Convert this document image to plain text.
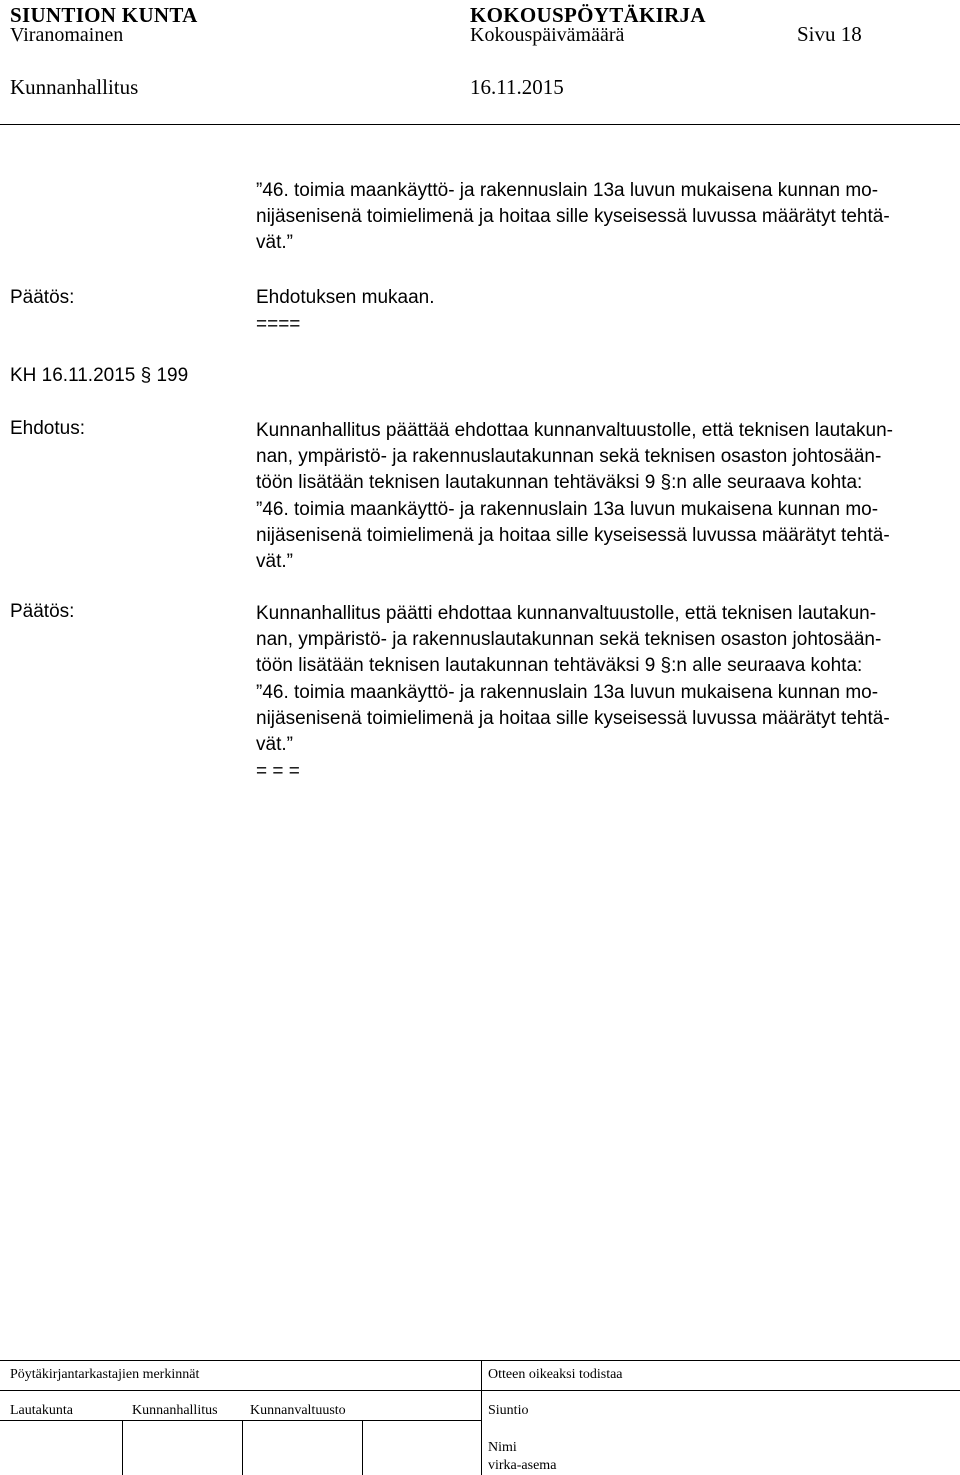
SIUNTION KUNTA	KOKOUSPÖYTÄKIRJA
Viranomainen	Kokouspäivämäärä	Sivu 18
Kunnanhallitus	16.11.2015
”46. toimia maankäyttö- ja rakennuslain 13a luvun mukaisena kunnan mo-
nijäsenisenä toimielimenä ja hoitaa sille kyseisessä luvussa määrätyt tehtä-
vät.”
Päätös:	Ehdotuksen mukaan.
====
KH 16.11.2015 § 199
Ehdotus:	Kunnanhallitus päättää ehdottaa kunnanvaltuustolle, että teknisen lautakun-
nan, ympäristö- ja rakennuslautakunnan sekä teknisen osaston johtosään-
töön lisätään teknisen lautakunnan tehtäväksi 9 §:n alle seuraava kohta:
”46. toimia maankäyttö- ja rakennuslain 13a luvun mukaisena kunnan mo-
nijäsenisenä toimielimenä ja hoitaa sille kyseisessä luvussa määrätyt tehtä-
vät.”
Päätös:	Kunnanhallitus päätti ehdottaa kunnanvaltuustolle, että teknisen lautakun-
nan, ympäristö- ja rakennuslautakunnan sekä teknisen osaston johtosään-
töön lisätään teknisen lautakunnan tehtäväksi 9 §:n alle seuraava kohta:
”46. toimia maankäyttö- ja rakennuslain 13a luvun mukaisena kunnan mo-
nijäsenisenä toimielimenä ja hoitaa sille kyseisessä luvussa määrätyt tehtä-
vät.”
= = =
Pöytäkirjantarkastajien merkinnät	Otteen oikeaksi todistaa
Lautakunta	Kunnanhallitus Kunnanvaltuusto	Siuntio
Nimi
virka-asema
